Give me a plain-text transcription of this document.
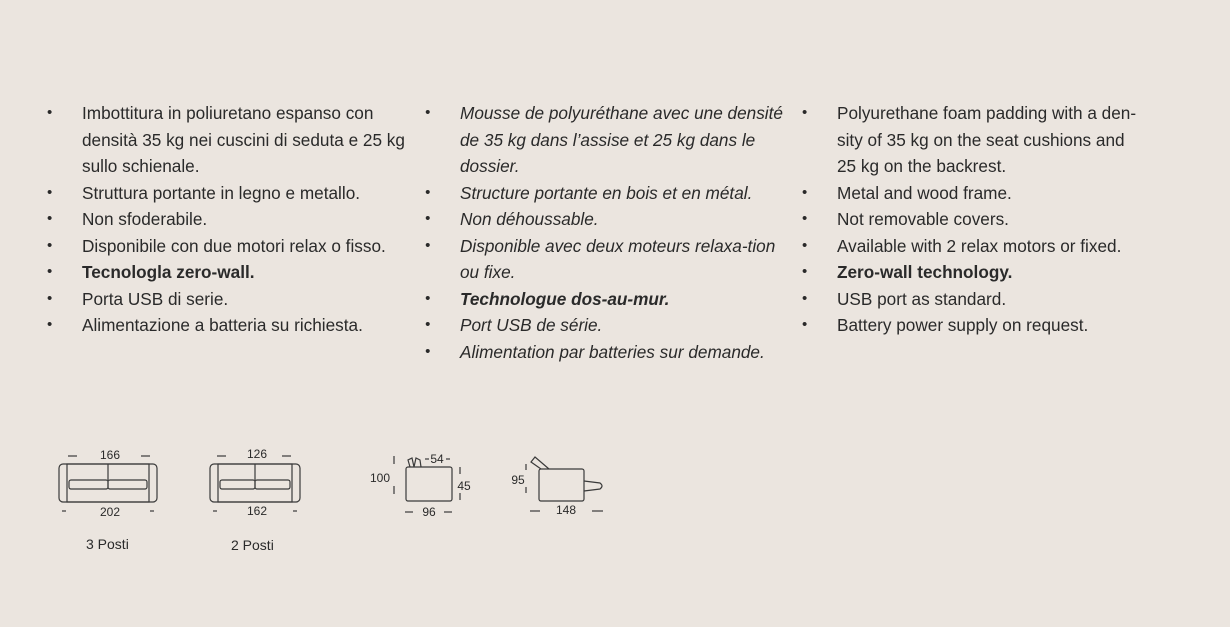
• Imbottitura in poliuretano espanso con densità 35 kg nei cuscini di seduta e 25 kg sullo schienale.
• Struttura portante in legno e metallo.
• Non sfoderabile.
• Disponibile con due motori relax o fisso.
• Tecnologla zero-wall.
• Porta USB di serie.
• Alimentazione a batteria su richiesta.
• Mousse de polyuréthane avec une densité de 35 kg dans l’assise et 25 kg dans le dossier.
• Structure portante en bois et en métal.
• Non déhoussable.
• Disponible avec deux moteurs relaxa-tion ou fixe.
• Technologue dos-au-mur.
• Port USB de série.
• Alimentation par batteries sur demande.
• Polyurethane foam padding with a den-sity of 35 kg on the seat cushions and 25 kg on the backrest.
• Metal and wood frame.
• Not removable covers.
• Available with 2 relax motors or fixed.
• Zero-wall technology.
• USB port as standard.
• Battery power supply on request.
166
202
126
162
100
54
45
96
95
148
3 Posti	2 Posti
